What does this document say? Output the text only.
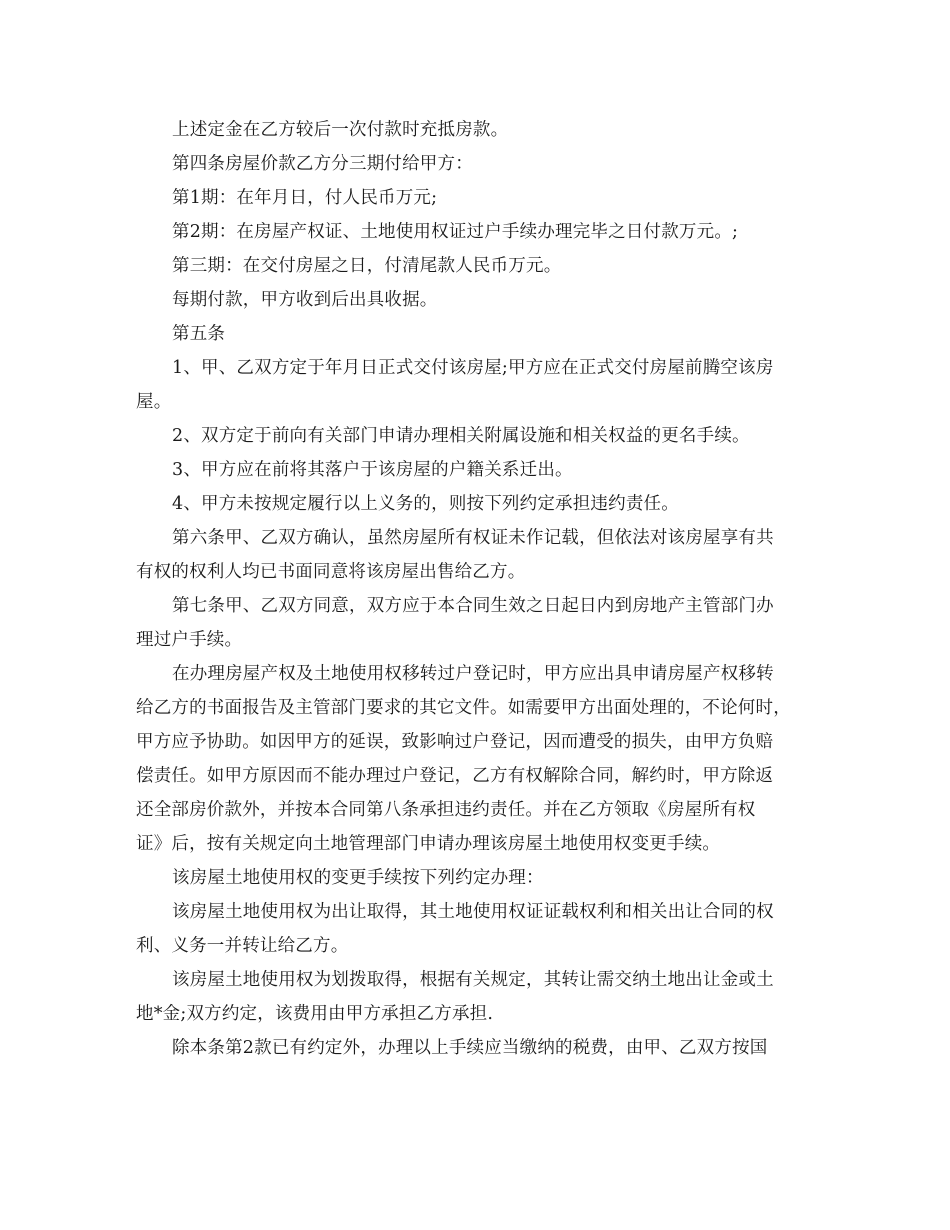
上述定金在乙方较后一次付款时充抵房款。
第四条房屋价款乙方分三期付给甲方：
第1期：在年月日，付人民币万元;
第2期：在房屋产权证、土地使用权证过户手续办理完毕之日付款万元。;
第三期：在交付房屋之日，付清尾款人民币万元。
每期付款，甲方收到后出具收据。
第五条
1、甲、乙双方定于年月日正式交付该房屋;甲方应在正式交付房屋前腾空该房
屋。
2、双方定于前向有关部门申请办理相关附属设施和相关权益的更名手续。
3、甲方应在前将其落户于该房屋的户籍关系迁出。
4、甲方未按规定履行以上义务的，则按下列约定承担违约责任。
第六条甲、乙双方确认，虽然房屋所有权证未作记载，但依法对该房屋享有共
有权的权利人均已书面同意将该房屋出售给乙方。
第七条甲、乙双方同意，双方应于本合同生效之日起日内到房地产主管部门办
理过户手续。
在办理房屋产权及土地使用权移转过户登记时，甲方应出具申请房屋产权移转
给乙方的书面报告及主管部门要求的其它文件。如需要甲方出面处理的，不论何时，
甲方应予协助。如因甲方的延误，致影响过户登记，因而遭受的损失，由甲方负赔
偿责任。如甲方原因而不能办理过户登记，乙方有权解除合同，解约时，甲方除返
还全部房价款外，并按本合同第八条承担违约责任。并在乙方领取《房屋所有权
证》后，按有关规定向土地管理部门申请办理该房屋土地使用权变更手续。
该房屋土地使用权的变更手续按下列约定办理：
该房屋土地使用权为出让取得，其土地使用权证证载权利和相关出让合同的权
利、义务一并转让给乙方。
该房屋土地使用权为划拨取得，根据有关规定，其转让需交纳土地出让金或土
地*金;双方约定，该费用由甲方承担乙方承担.
除本条第2款已有约定外，办理以上手续应当缴纳的税费，由甲、乙双方按国
